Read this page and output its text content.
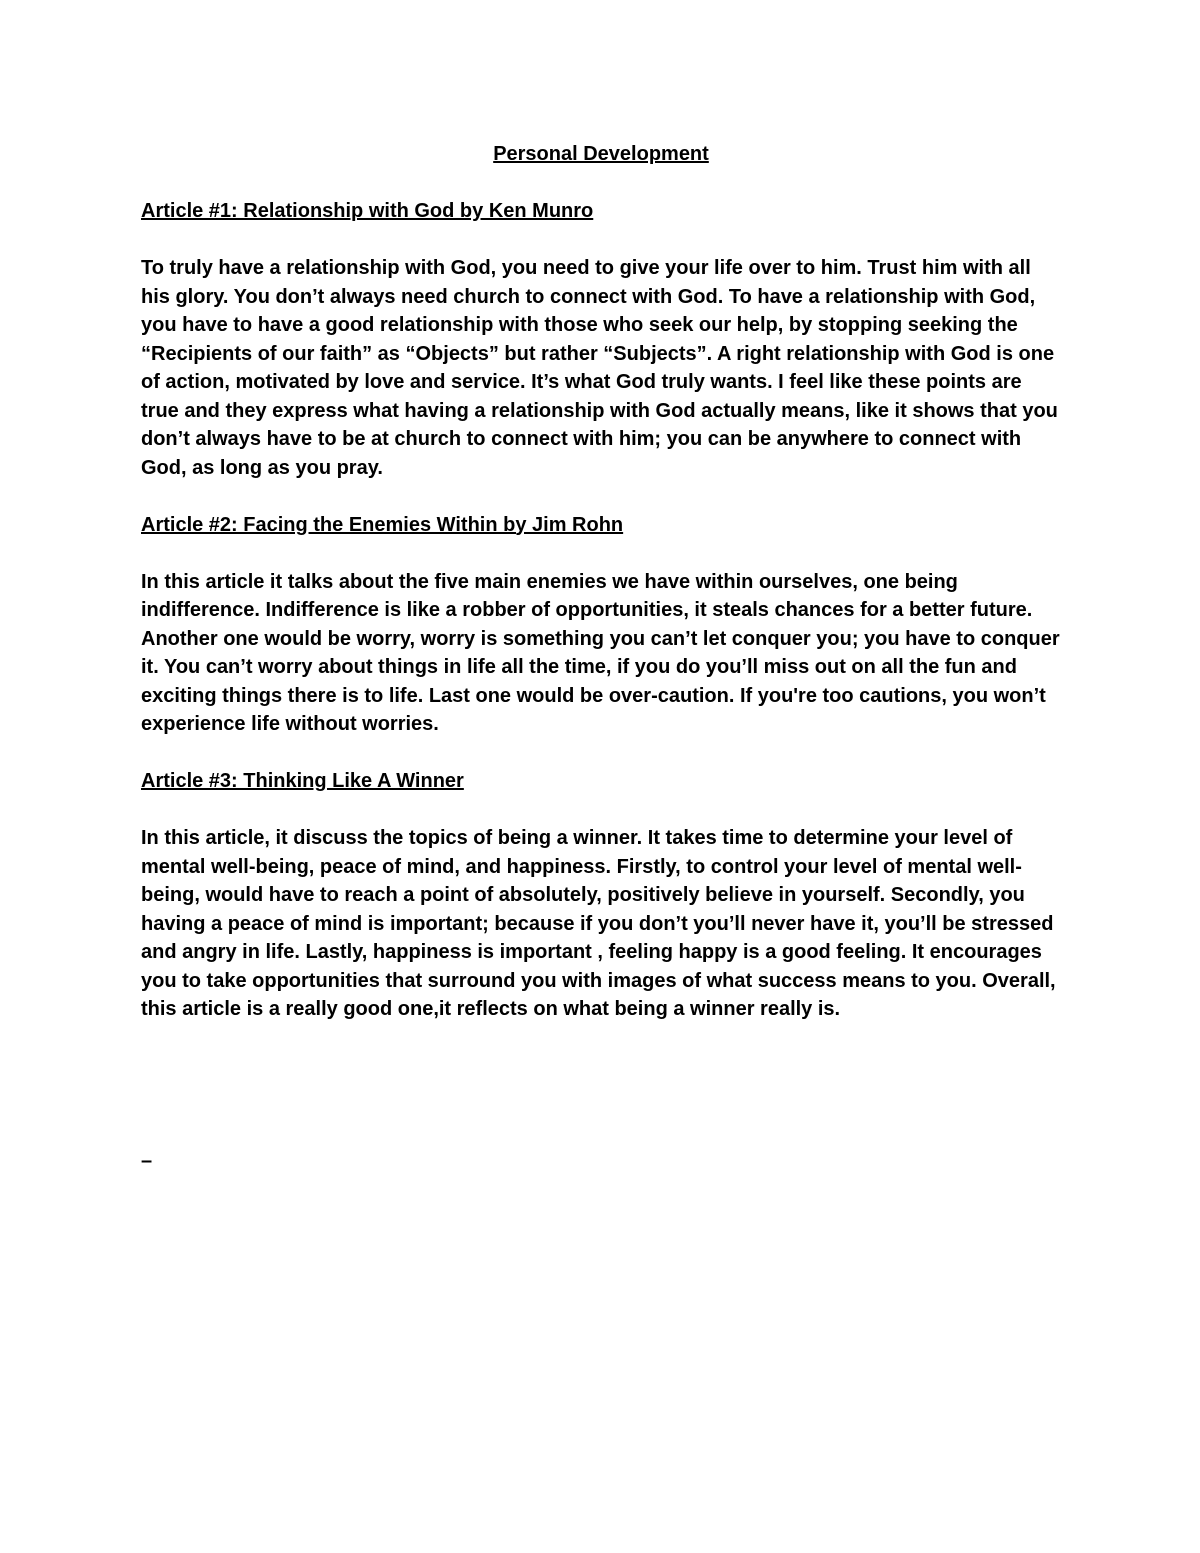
Personal Development
Article #1: Relationship with God by Ken Munro
To truly have a relationship with God, you need to give your life over to him. Trust him with all his glory. You don’t always need church to connect with God. To have a relationship with God, you have to have a good relationship with those who seek our help, by stopping seeking the “Recipients of our faith” as “Objects” but rather “Subjects”. A right relationship with God is one of action, motivated by love and service. It’s what God truly wants. I feel like these points are true and they express what having a relationship with God actually means, like it shows that you don’t always have to be at church to connect with him; you can be anywhere to connect with God, as long as you pray.
Article #2: Facing the Enemies Within by Jim Rohn
In this article it talks about the five main enemies we have within ourselves, one being indifference. Indifference is like a robber of opportunities, it steals chances for a better future. Another one would be worry, worry is something you can’t let conquer you; you have to conquer it. You can’t worry about things in life all the time, if you do you’ll miss out on all the fun and exciting things there is to life. Last one would be over-caution. If you're too cautions, you won’t experience life without worries.
Article #3: Thinking Like A Winner
In this article, it discuss the topics of being a winner. It takes time to determine your level of mental well-being, peace of mind, and happiness. Firstly, to control your level of mental well-being, would have to reach a point of absolutely, positively believe in yourself. Secondly, you having a peace of mind is important; because if you don’t you’ll never have it, you’ll be stressed and angry in life. Lastly, happiness is important , feeling happy is a good feeling. It encourages you to take opportunities that surround you with images of what success means to you. Overall, this article is a really good one,it reflects on what being a winner really is.
–
